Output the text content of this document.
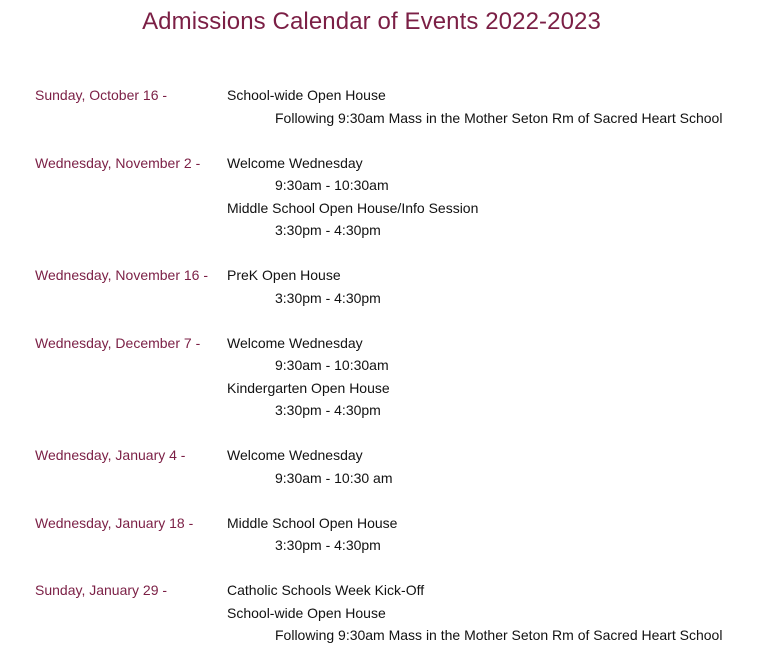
Admissions Calendar of Events 2022-2023
Sunday, October 16 -	School-wide Open House
Following 9:30am Mass in the Mother Seton Rm of Sacred Heart School
Wednesday, November 2 -	Welcome Wednesday
9:30am - 10:30am
Middle School Open House/Info Session
3:30pm - 4:30pm
Wednesday, November 16 -	PreK Open House
3:30pm - 4:30pm
Wednesday, December 7 -	Welcome Wednesday
9:30am - 10:30am
Kindergarten Open House
3:30pm - 4:30pm
Wednesday, January 4 -	Welcome Wednesday
9:30am - 10:30 am
Wednesday, January 18 -	Middle School Open House
3:30pm - 4:30pm
Sunday, January 29 -	Catholic Schools Week Kick-Off
School-wide Open House
Following 9:30am Mass in the Mother Seton Rm of Sacred Heart School
